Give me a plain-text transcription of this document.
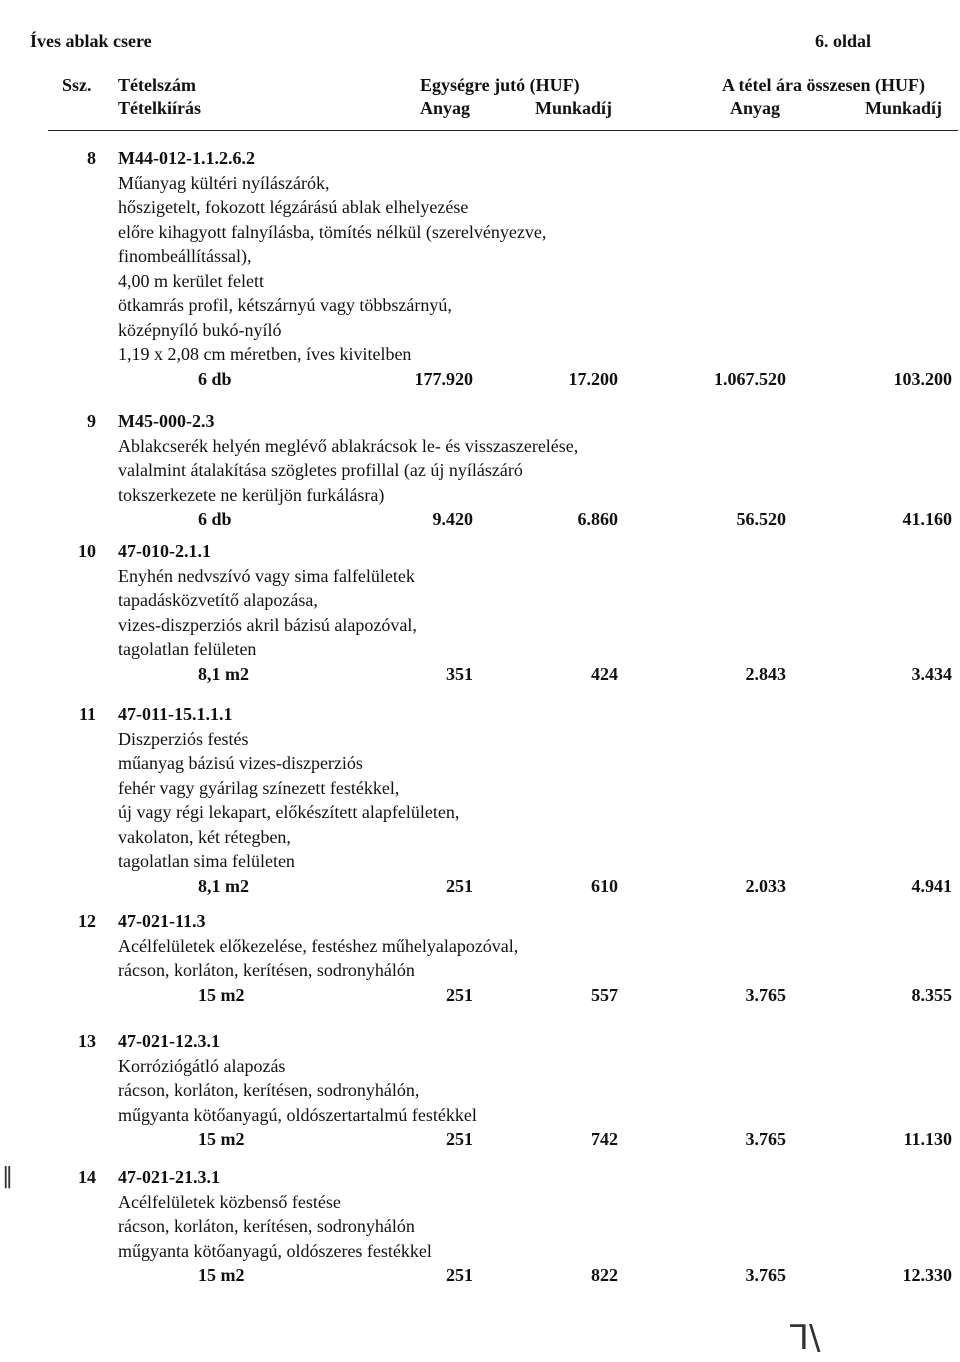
Íves ablak csere	6. oldal
Ssz. Tételszám
Tételkiírás
Egységre jutó (HUF)
Anyag	Munkadíj
A tétel ára összesen (HUF)
Anyag	Munkadíj
8 M44-012-1.1.2.6.2
Műanyag kültéri nyílászárók,
hőszigetelt, fokozott légzárású ablak elhelyezése
előre kihagyott falnyílásba, tömítés nélkül (szerelvényezve,
finombeállítással),
4,00 m kerület felett
ötkamrás profil, kétszárnyú vagy többszárnyú,
középnyíló bukó-nyíló
1,19 x 2,08 cm méretben, íves kivitelben
6 db	177.920	17.200	1.067.520	103.200
9 M45-000-2.3
Ablakcserék helyén meglévő ablakrácsok le- és visszaszerelése,
valalmint átalakítása szögletes profillal (az új nyílászáró
tokszerkezete ne kerüljön furkálásra)
6 db	9.420	6.860	56.520	41.160
10 47-010-2.1.1
Enyhén nedvszívó vagy sima falfelületek
tapadásközvetítő alapozása,
vizes-diszperziós akril bázisú alapozóval,
tagolatlan felületen
8,1 m2	351	424	2.843	3.434
11 47-011-15.1.1.1
Diszperziós festés
műanyag bázisú vizes-diszperziós
fehér vagy gyárilag színezett festékkel,
új vagy régi lekapart, előkészített alapfelületen,
vakolaton, két rétegben,
tagolatlan sima felületen
8,1 m2	251	610	2.033	4.941
12 47-021-11.3
Acélfelületek előkezelése, festéshez műhelyalapozóval,
rácson, korláton, kerítésen, sodronyhálón
15 m2	251	557	3.765	8.355
13 47-021-12.3.1
Korróziógátló alapozás
rácson, korláton, kerítésen, sodronyhálón,
műgyanta kötőanyagú, oldószertartalmú festékkel
15 m2	251	742	3.765	11.130
14 47-021-21.3.1
Acélfelületek közbenső festése
rácson, korláton, kerítésen, sodronyhálón
műgyanta kötőanyagú, oldószeres festékkel
15 m2	251	822	3.765	12.330
⅂\
‖
